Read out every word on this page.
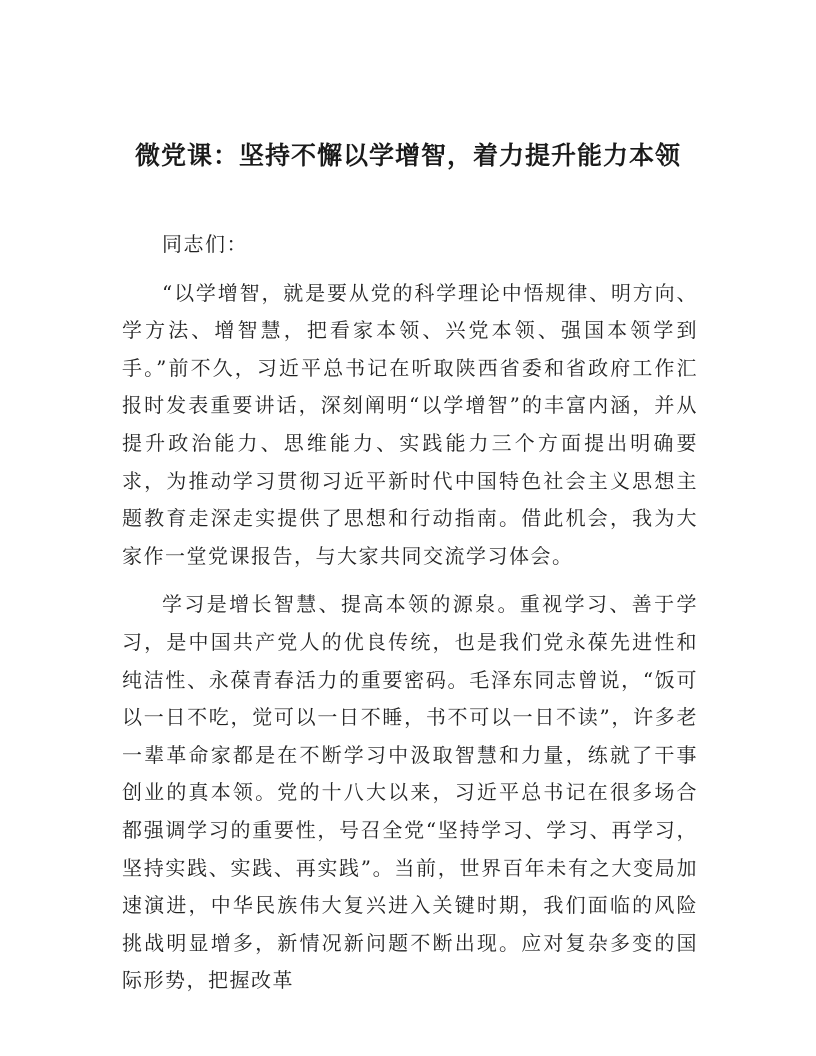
微党课：坚持不懈以学增智，着力提升能力本领

同志们：

“以学增智，就是要从党的科学理论中悟规律、明方向、学方法、增智慧，把看家本领、兴党本领、强国本领学到手。”前不久，习近平总书记在听取陕西省委和省政府工作汇报时发表重要讲话，深刻阐明“以学增智”的丰富内涵，并从提升政治能力、思维能力、实践能力三个方面提出明确要求，为推动学习贯彻习近平新时代中国特色社会主义思想主题教育走深走实提供了思想和行动指南。借此机会，我为大家作一堂党课报告，与大家共同交流学习体会。

学习是增长智慧、提高本领的源泉。重视学习、善于学习，是中国共产党人的优良传统，也是我们党永葆先进性和纯洁性、永葆青春活力的重要密码。毛泽东同志曾说，“饭可以一日不吃，觉可以一日不睡，书不可以一日不读”，许多老一辈革命家都是在不断学习中汲取智慧和力量，练就了干事创业的真本领。党的十八大以来，习近平总书记在很多场合都强调学习的重要性，号召全党“坚持学习、学习、再学习，坚持实践、实践、再实践”。当前，世界百年未有之大变局加速演进，中华民族伟大复兴进入关键时期，我们面临的风险挑战明显增多，新情况新问题不断出现。应对复杂多变的国际形势，把握改革
